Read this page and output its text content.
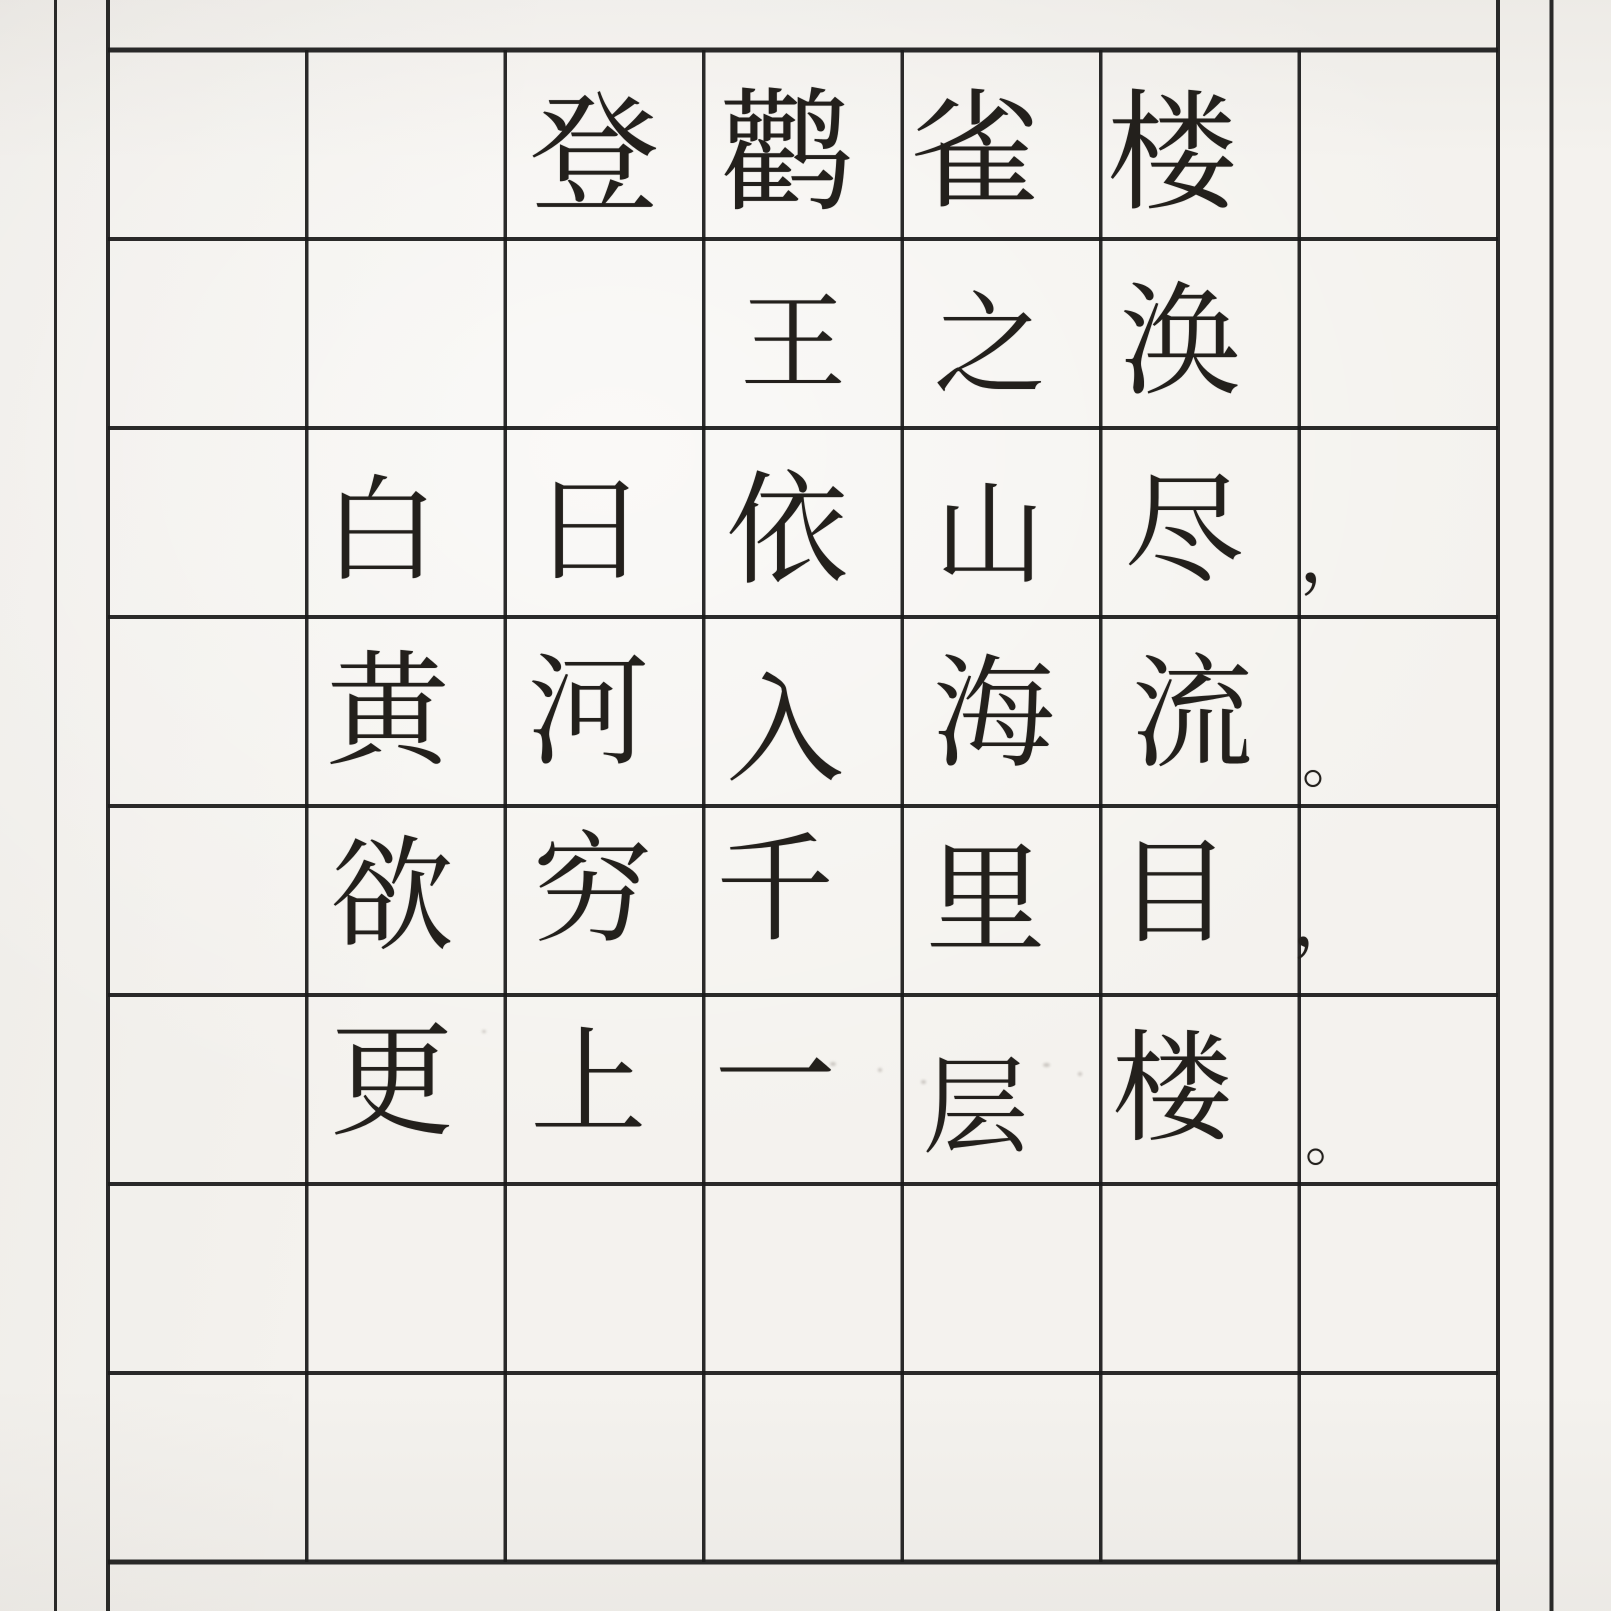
登 鹳 雀 楼
王 之 涣
白 日 依 山 尽 ，
黄 河 入 海 流 。
欲 穷 千 里 目 ，
更 上 一 层 楼 。
